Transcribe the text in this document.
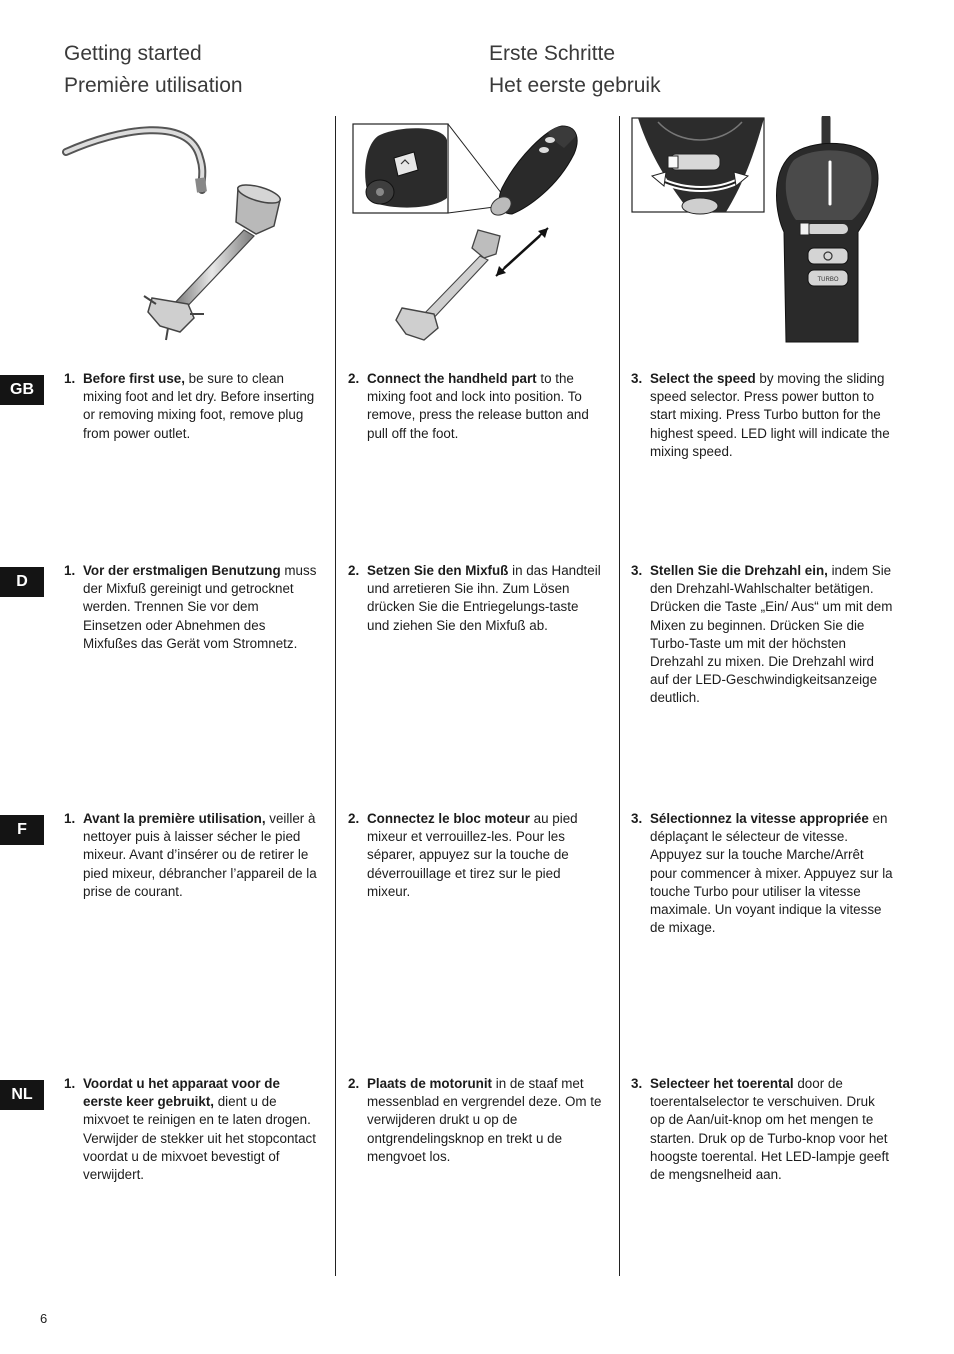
Getting started
Première utilisation
Erste Schritte
Het eerste gebruik
TURBO
GB
D
F
NL
1. Before first use, be sure to clean mixing foot and let dry. Before inserting or removing mixing foot, remove plug from power outlet.
2. Connect the handheld part to the mixing foot and lock into position. To remove, press the release button and pull off the foot.
3. Select the speed by moving the sliding speed selector. Press power button to start mixing. Press Turbo button for the highest speed. LED light will indicate the mixing speed.
1. Vor der erstmaligen Benutzung muss der Mixfuß gereinigt und getrocknet werden. Trennen Sie vor dem Einsetzen oder Abnehmen des Mixfußes das Gerät vom Stromnetz.
2. Setzen Sie den Mixfuß in das Handteil und arretieren Sie ihn. Zum Lösen drücken Sie die Entriegelungs-taste und ziehen Sie den Mixfuß ab.
3. Stellen Sie die Drehzahl ein, indem Sie den Drehzahl-Wahlschalter betätigen. Drücken die Taste „Ein/ Aus“ um mit dem Mixen zu beginnen. Drücken Sie die Turbo-Taste um mit der höchsten Drehzahl zu mixen. Die Drehzahl wird auf der LED-Geschwindigkeitsanzeige deutlich.
1. Avant la première utilisation, veiller à nettoyer puis à laisser sécher le pied mixeur. Avant d’insérer ou de retirer le pied mixeur, débrancher l’appareil de la prise de courant.
2. Connectez le bloc moteur au pied mixeur et verrouillez-les. Pour les séparer, appuyez sur la touche de déverrouillage et tirez sur le pied mixeur.
3. Sélectionnez la vitesse appropriée en déplaçant le sélecteur de vitesse. Appuyez sur la touche Marche/Arrêt pour commencer à mixer. Appuyez sur la touche Turbo pour utiliser la vitesse maximale. Un voyant indique la vitesse de mixage.
1. Voordat u het apparaat voor de eerste keer gebruikt, dient u de mixvoet te reinigen en te laten drogen. Verwijder de stekker uit het stopcontact voordat u de mixvoet bevestigt of verwijdert.
2. Plaats de motorunit in de staaf met messenblad en vergrendel deze. Om te verwijderen drukt u op de ontgrendelingsknop en trekt u de mengvoet los.
3. Selecteer het toerental door de toerentalselector te verschuiven. Druk op de Aan/uit-knop om het mengen te starten. Druk op de Turbo-knop voor het hoogste toerental. Het LED-lampje geeft de mengsnelheid aan.
6
